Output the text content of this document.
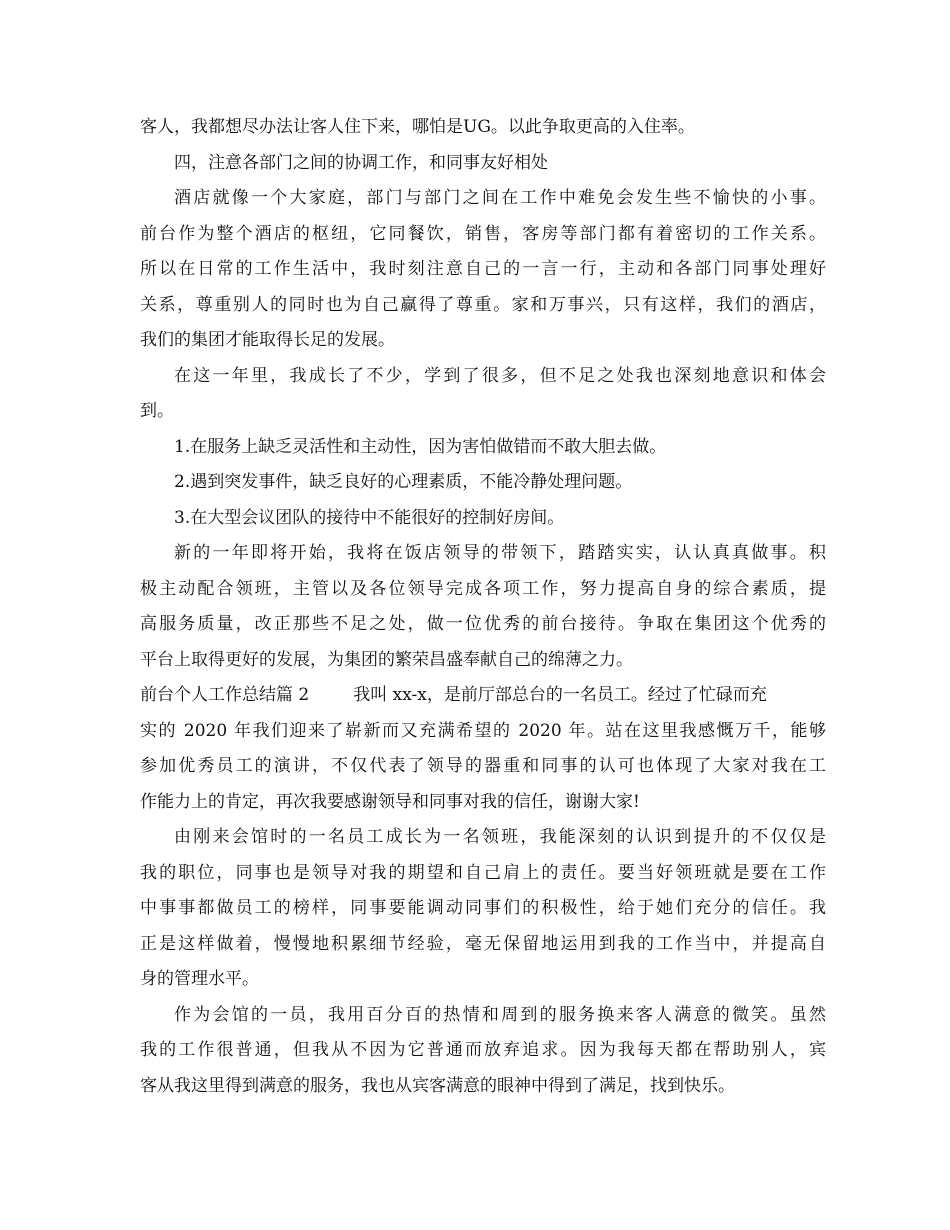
客人，我都想尽办法让客人住下来，哪怕是UG。以此争取更高的入住率。
四，注意各部门之间的协调工作，和同事友好相处
酒店就像一个大家庭，部门与部门之间在工作中难免会发生些不愉快的小事。
前台作为整个酒店的枢纽，它同餐饮，销售，客房等部门都有着密切的工作关系。
所以在日常的工作生活中，我时刻注意自己的一言一行，主动和各部门同事处理好
关系，尊重别人的同时也为自己赢得了尊重。家和万事兴，只有这样，我们的酒店，
我们的集团才能取得长足的发展。
在这一年里，我成长了不少，学到了很多，但不足之处我也深刻地意识和体会
到。
1.在服务上缺乏灵活性和主动性，因为害怕做错而不敢大胆去做。
2.遇到突发事件，缺乏良好的心理素质，不能冷静处理问题。
3.在大型会议团队的接待中不能很好的控制好房间。
新的一年即将开始，我将在饭店领导的带领下，踏踏实实，认认真真做事。积
极主动配合领班，主管以及各位领导完成各项工作，努力提高自身的综合素质，提
高服务质量，改正那些不足之处，做一位优秀的前台接待。争取在集团这个优秀的
平台上取得更好的发展，为集团的繁荣昌盛奉献自己的绵薄之力。
前台个人工作总结篇 2	我叫 xx-x，是前厅部总台的一名员工。经过了忙碌而充
实的 2020 年我们迎来了崭新而又充满希望的 2020 年。站在这里我感慨万千，能够
参加优秀员工的演讲，不仅代表了领导的器重和同事的认可也体现了大家对我在工
作能力上的肯定，再次我要感谢领导和同事对我的信任，谢谢大家!
由刚来会馆时的一名员工成长为一名领班，我能深刻的认识到提升的不仅仅是
我的职位，同事也是领导对我的期望和自己肩上的责任。要当好领班就是要在工作
中事事都做员工的榜样，同事要能调动同事们的积极性，给于她们充分的信任。我
正是这样做着，慢慢地积累细节经验，毫无保留地运用到我的工作当中，并提高自
身的管理水平。
作为会馆的一员，我用百分百的热情和周到的服务换来客人满意的微笑。虽然
我的工作很普通，但我从不因为它普通而放弃追求。因为我每天都在帮助别人，宾
客从我这里得到满意的服务，我也从宾客满意的眼神中得到了满足，找到快乐。
